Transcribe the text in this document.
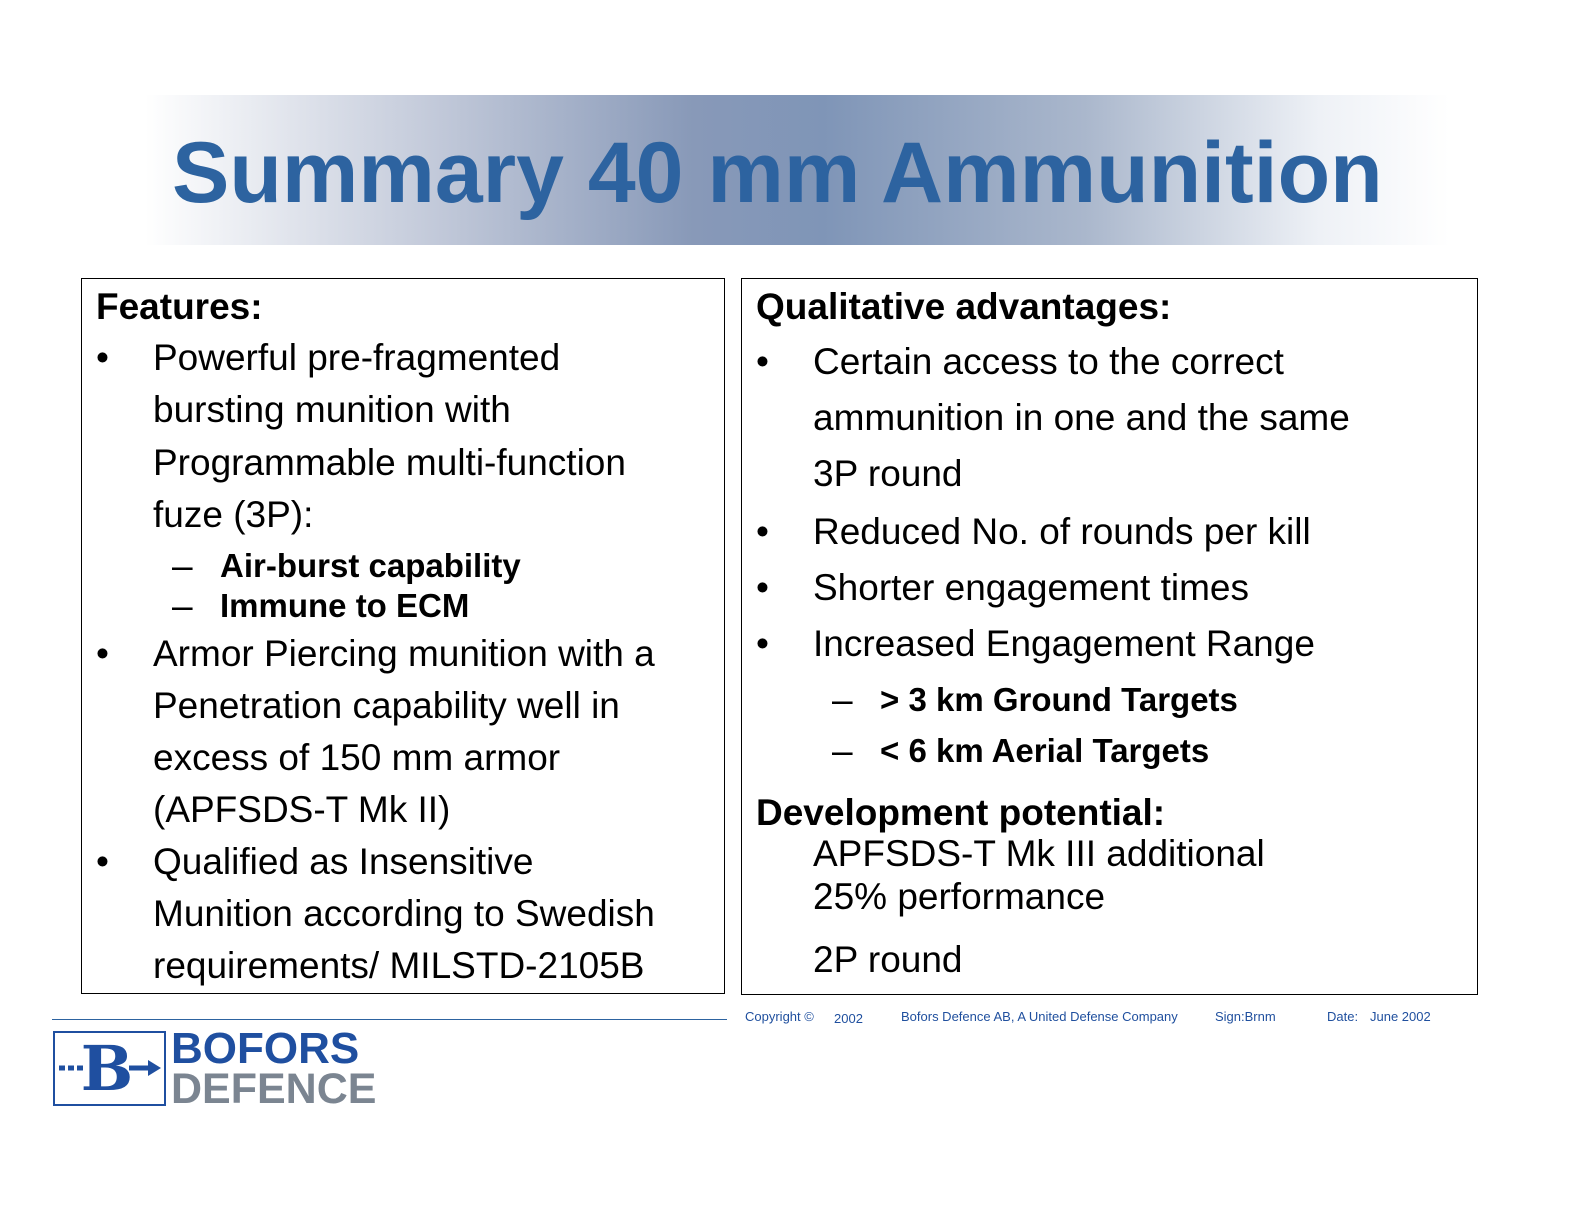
Summary 40 mm Ammunition

Features:

• Powerful pre-fragmented

bursting munition with

Programmable multi-function

fuze (3P):

– Air-burst capability

– Immune to ECM

• Armor Piercing munition with a

Penetration capability well in

excess of 150 mm armor

(APFSDS-T Mk II)

• Qualified as Insensitive

Munition according to Swedish

requirements/ MILSTD-2105B

Qualitative advantages:

• Certain access to the correct

ammunition in one and the same

3P round

• Reduced No. of rounds per kill

• Shorter engagement times

• Increased Engagement Range

– > 3 km Ground Targets

– < 6 km Aerial Targets

Development potential:

APFSDS-T Mk III additional

25% performance

2P round

Copyright © 2002	Bofors Defence AB, A United Defense Company	Sign:Brnm	Date: June 2002
B BOFORS
DEFENCE
